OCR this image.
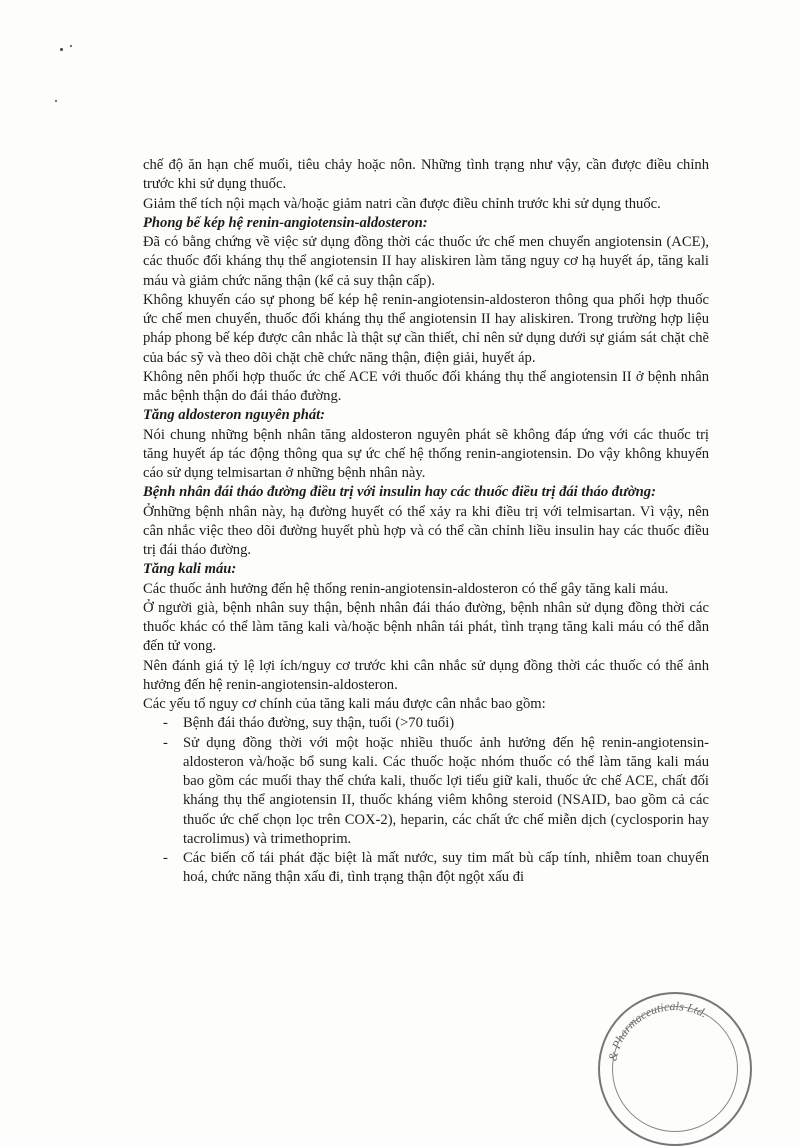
chế độ ăn hạn chế muối, tiêu chảy hoặc nôn. Những tình trạng như vậy, cần được điều chỉnh trước khi sử dụng thuốc.

Giảm thể tích nội mạch và/hoặc giảm natri cần được điều chỉnh trước khi sử dụng thuốc.

Phong bế kép hệ renin-angiotensin-aldosteron:

Đã có bằng chứng về việc sử dụng đồng thời các thuốc ức chế men chuyển angiotensin (ACE), các thuốc đối kháng thụ thể angiotensin II hay aliskiren làm tăng nguy cơ hạ huyết áp, tăng kali máu và giảm chức năng thận (kể cả suy thận cấp).

Không khuyến cáo sự phong bế kép hệ renin-angiotensin-aldosteron thông qua phối hợp thuốc ức chế men chuyển, thuốc đối kháng thụ thể angiotensin II hay aliskiren. Trong trường hợp liệu pháp phong bế kép được cân nhắc là thật sự cần thiết, chỉ nên sử dụng dưới sự giám sát chặt chẽ của bác sỹ và theo dõi chặt chẽ chức năng thận, điện giải, huyết áp.

Không nên phối hợp thuốc ức chế ACE với thuốc đối kháng thụ thể angiotensin II ở bệnh nhân mắc bệnh thận do đái tháo đường.

Tăng aldosteron nguyên phát:

Nói chung những bệnh nhân tăng aldosteron nguyên phát sẽ không đáp ứng với các thuốc trị tăng huyết áp tác động thông qua sự ức chế hệ thống renin-angiotensin. Do vậy không khuyến cáo sử dụng telmisartan ở những bệnh nhân này.

Bệnh nhân đái tháo đường điều trị với insulin hay các thuốc điều trị đái tháo đường:

Ởnhững bệnh nhân này, hạ đường huyết có thể xảy ra khi điều trị với telmisartan. Vì vậy, nên cân nhắc việc theo dõi đường huyết phù hợp và có thể cần chỉnh liều insulin hay các thuốc điều trị đái tháo đường.

Tăng kali máu:

Các thuốc ảnh hưởng đến hệ thống renin-angiotensin-aldosteron có thể gây tăng kali máu.

Ở người già, bệnh nhân suy thận, bệnh nhân đái tháo đường, bệnh nhân sử dụng đồng thời các thuốc khác có thể làm tăng kali và/hoặc bệnh nhân tái phát, tình trạng tăng kali máu có thể dẫn đến tử vong.

Nên đánh giá tỷ lệ lợi ích/nguy cơ trước khi cân nhắc sử dụng đồng thời các thuốc có thể ảnh hưởng đến hệ renin-angiotensin-aldosteron.

Các yếu tố nguy cơ chính của tăng kali máu được cân nhắc bao gồm:

- Bệnh đái tháo đường, suy thận, tuổi (>70 tuổi)
- Sử dụng đồng thời với một hoặc nhiều thuốc ảnh hưởng đến hệ renin-angiotensin-aldosteron và/hoặc bổ sung kali. Các thuốc hoặc nhóm thuốc có thể làm tăng kali máu bao gồm các muối thay thế chứa kali, thuốc lợi tiểu giữ kali, thuốc ức chế ACE, chất đối kháng thụ thể angiotensin II, thuốc kháng viêm không steroid (NSAID, bao gồm cả các thuốc ức chế chọn lọc trên COX-2), heparin, các chất ức chế miễn dịch (cyclosporin hay tacrolimus) và trimethoprim.
- Các biến cố tái phát đặc biệt là mất nước, suy tim mất bù cấp tính, nhiễm toan chuyển hoá, chức năng thận xấu đi, tình trạng thận đột ngột xấu đi
& Pharmaceuticals Ltd.
